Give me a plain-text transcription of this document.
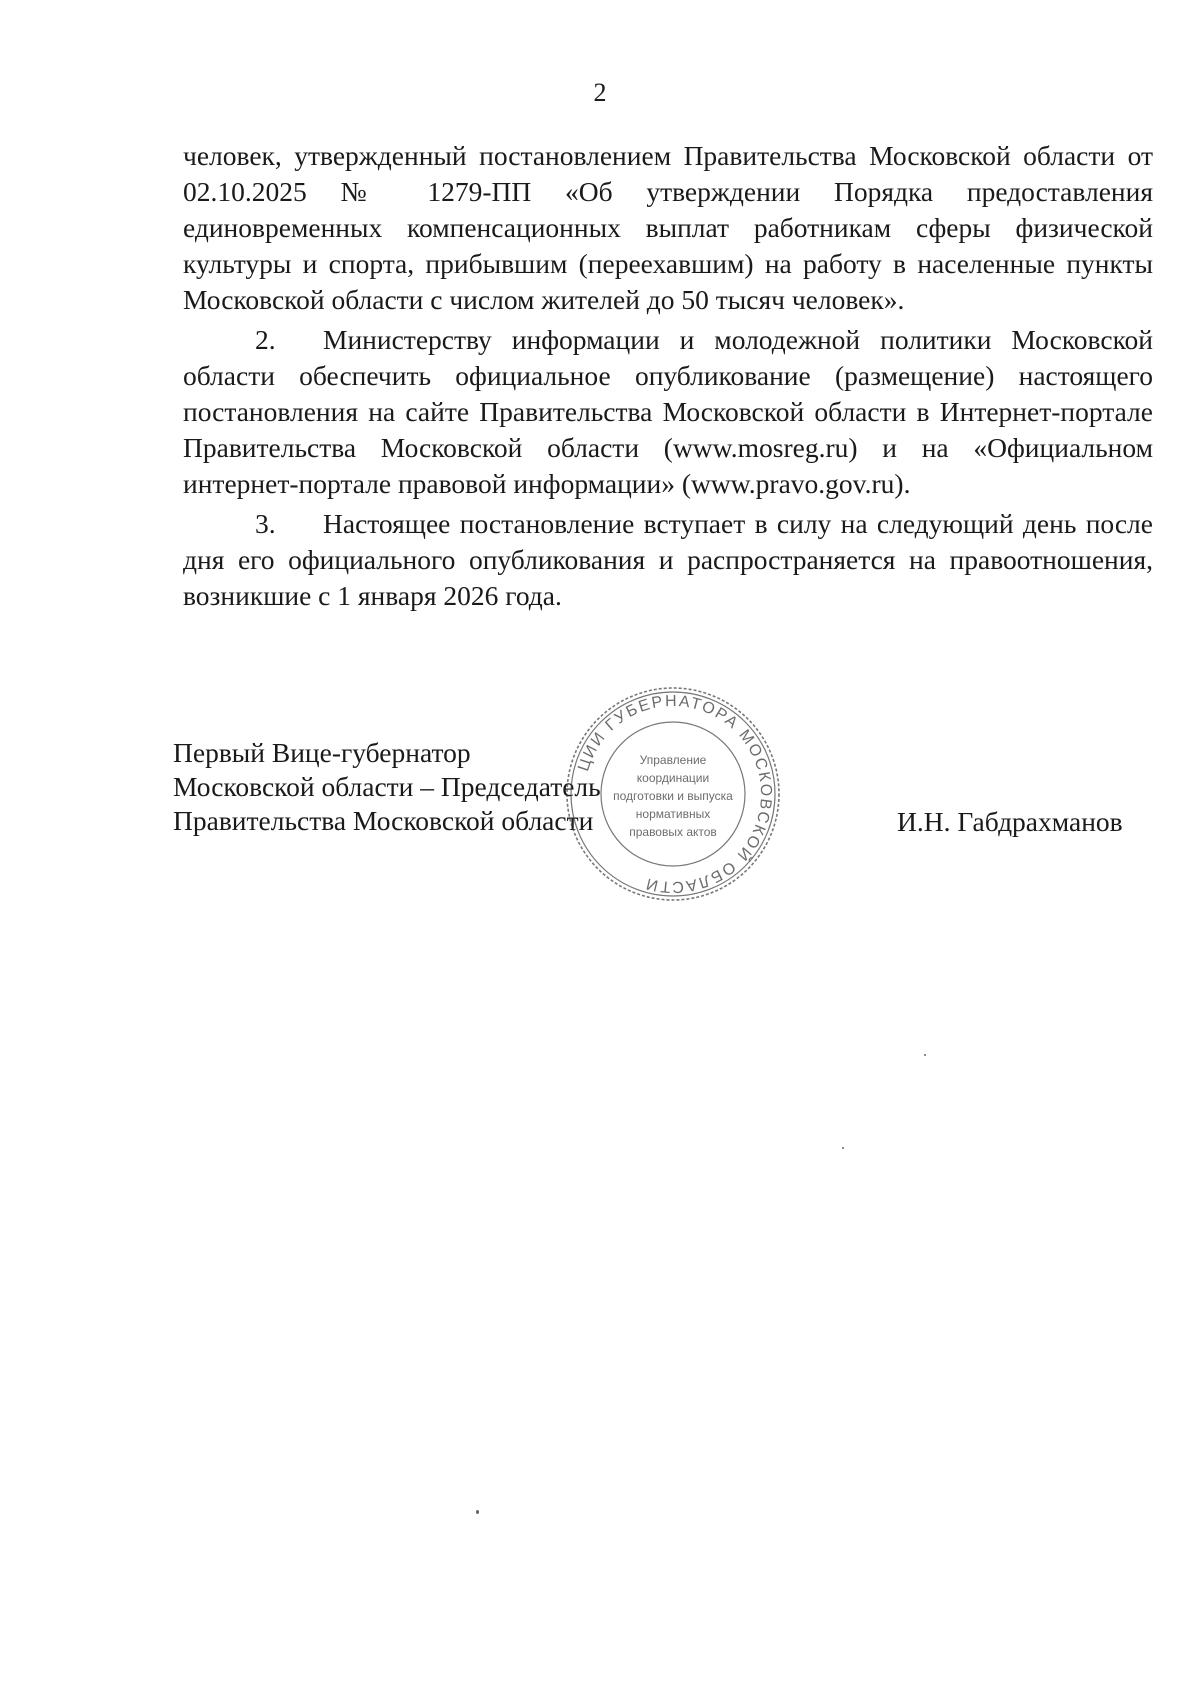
2

человек, утвержденный постановлением Правительства Московской области от 02.10.2025 № 1279-ПП «Об утверждении Порядка предоставления единовременных компенсационных выплат работникам сферы физической культуры и спорта, прибывшим (переехавшим) на работу в населенные пункты Московской области с числом жителей до 50 тысяч человек».

2. Министерству информации и молодежной политики Московской области обеспечить официальное опубликование (размещение) настоящего постановления на сайте Правительства Московской области в Интернет-портале Правительства Московской области (www.mosreg.ru) и на «Официальном интернет-портале правовой информации» (www.pravo.gov.ru).

3. Настоящее постановление вступает в силу на следующий день после дня его официального опубликования и распространяется на правоотношения, возникшие с 1 января 2026 года.

Первый Вице-губернатор
Московской области – Председатель
Правительства Московской области	И.Н. Габдрахманов
ЦИИ ГУБЕРНАТОРА МОСКОВСКОЙ ОБЛАСТИ
Управление
координации
подготовки и выпуска
нормативных
правовых актов
